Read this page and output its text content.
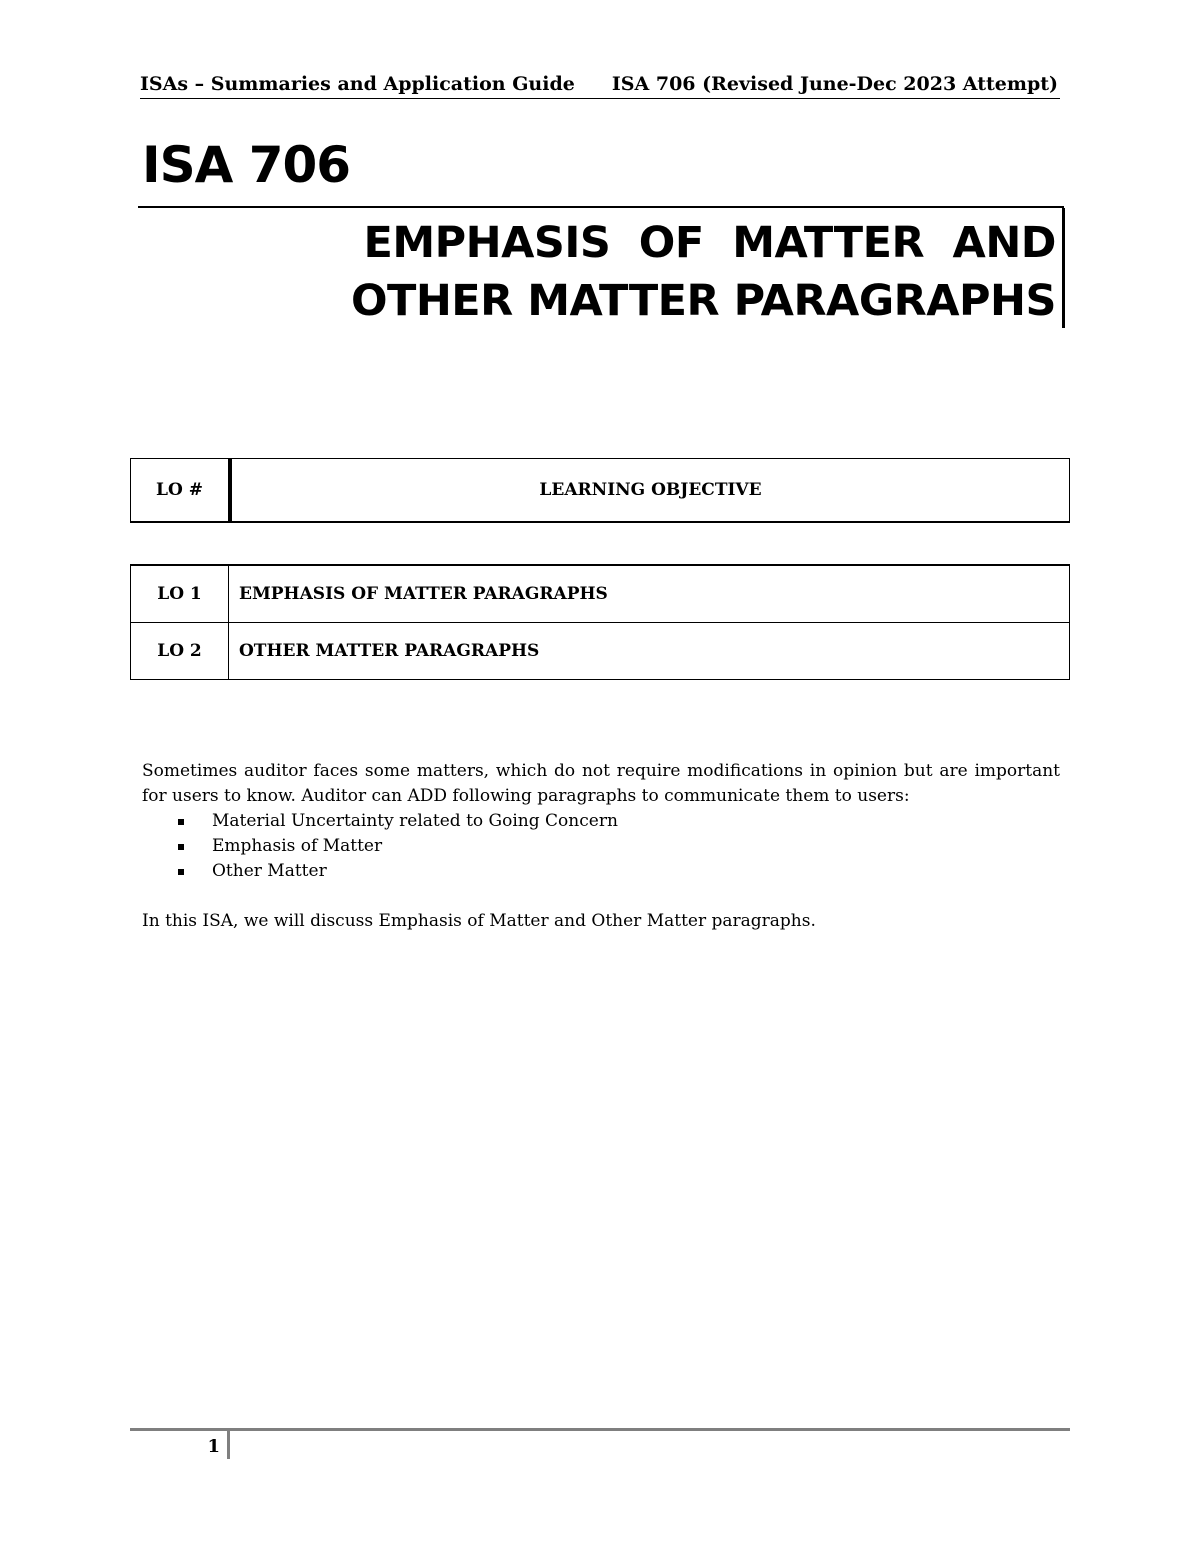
ISAs – Summaries and Application Guide ISA 706 (Revised June-Dec 2023 Attempt)
ISA 706
EMPHASIS OF MATTER AND
OTHER MATTER PARAGRAPHS
LO #	LEARNING OBJECTIVE
LO 1	EMPHASIS OF MATTER PARAGRAPHS
LO 2	OTHER MATTER PARAGRAPHS

Sometimes auditor faces some matters, which do not require modifications in opinion but are important for users to know. Auditor can ADD following paragraphs to communicate them to users:

Material Uncertainty related to Going Concern
Emphasis of Matter
Other Matter

In this ISA, we will discuss Emphasis of Matter and Other Matter paragraphs.

1
